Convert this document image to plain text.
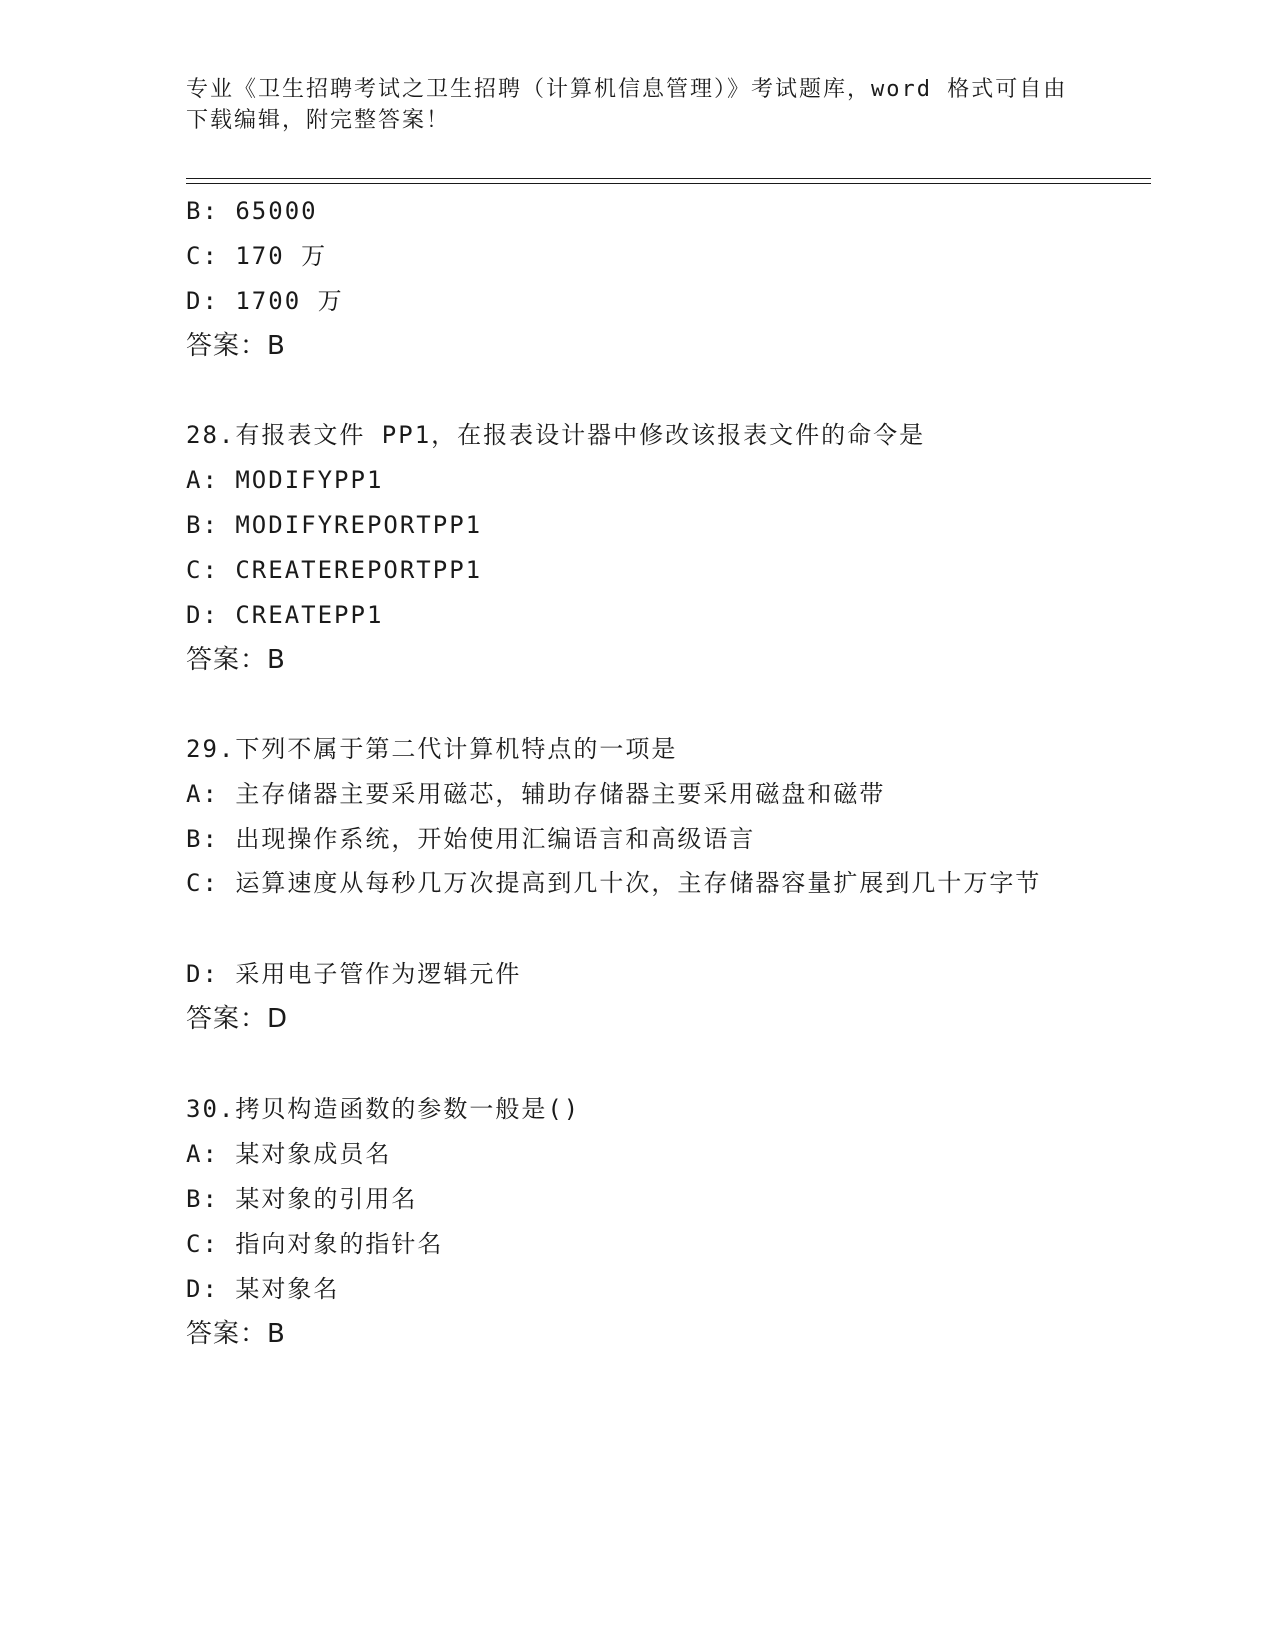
专业《卫生招聘考试之卫生招聘（计算机信息管理）》考试题库，word 格式可自由下载编辑，附完整答案！
B: 65000
C: 170 万
D: 1700 万
答案：B
28.有报表文件 PP1，在报表设计器中修改该报表文件的命令是
A: MODIFYPP1
B: MODIFYREPORTPP1
C: CREATEREPORTPP1
D: CREATEPP1
答案：B
29.下列不属于第二代计算机特点的一项是
A: 主存储器主要采用磁芯，辅助存储器主要采用磁盘和磁带
B: 出现操作系统，开始使用汇编语言和高级语言
C: 运算速度从每秒几万次提高到几十次，主存储器容量扩展到几十万字节
D: 采用电子管作为逻辑元件
答案：D
30.拷贝构造函数的参数一般是()
A: 某对象成员名
B: 某对象的引用名
C: 指向对象的指针名
D: 某对象名
答案：B
